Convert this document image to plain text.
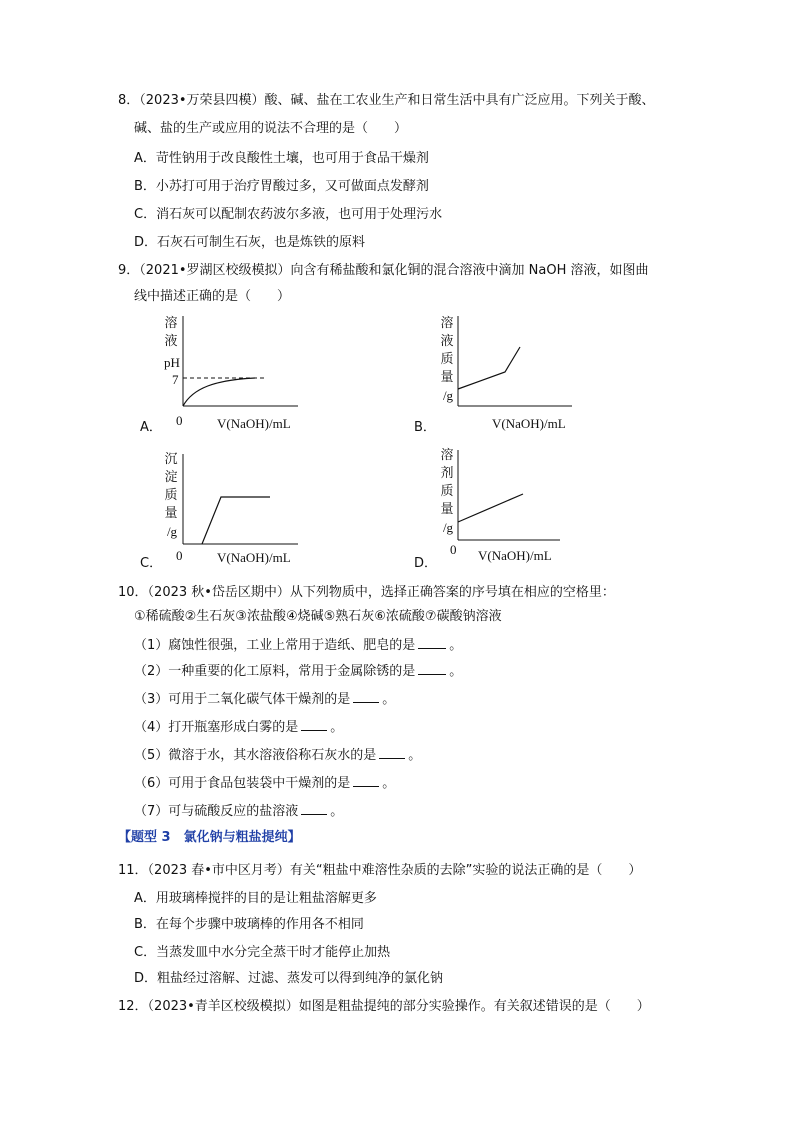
8．（2023•万荣县四模）酸、碱、盐在工农业生产和日常生活中具有广泛应用。下列关于酸、
碱、盐的生产或应用的说法不合理的是（　　）
A．苛性钠用于改良酸性土壤，也可用于食品干燥剂
B．小苏打可用于治疗胃酸过多，又可做面点发酵剂
C．消石灰可以配制农药波尔多液，也可用于处理污水
D．石灰石可制生石灰，也是炼铁的原料
9．（2021•罗湖区校级模拟）向含有稀盐酸和氯化铜的混合溶液中滴加 NaOH 溶液，如图曲
线中描述正确的是（　　）
溶
液
pH
7
0	V(NaOH)/mL
A．
溶
液
质
量
/g
V(NaOH)/mL
B．
沉
淀
质
量
/g
0	V(NaOH)/mL
C．
溶
剂
质
量
/g
0 V(NaOH)/mL
D．
10．（2023 秋•岱岳区期中）从下列物质中，选择正确答案的序号填在相应的空格里：
①稀硫酸②生石灰③浓盐酸④烧碱⑤熟石灰⑥浓硫酸⑦碳酸钠溶液
（1）腐蚀性很强，工业上常用于造纸、肥皂的是	。
（2）一种重要的化工原料，常用于金属除锈的是	。
（3）可用于二氧化碳气体干燥剂的是 。
（4）打开瓶塞形成白雾的是 。
（5）微溶于水，其水溶液俗称石灰水的是 。
（6）可用于食品包装袋中干燥剂的是 。
（7）可与硫酸反应的盐溶液 。
【题型 3　氯化钠与粗盐提纯】
11．（2023 春•市中区月考）有关“粗盐中难溶性杂质的去除”实验的说法正确的是（　　）
A．用玻璃棒搅拌的目的是让粗盐溶解更多
B．在每个步骤中玻璃棒的作用各不相同
C．当蒸发皿中水分完全蒸干时才能停止加热
D．粗盐经过溶解、过滤、蒸发可以得到纯净的氯化钠
12．（2023•青羊区校级模拟）如图是粗盐提纯的部分实验操作。有关叙述错误的是（　　）
